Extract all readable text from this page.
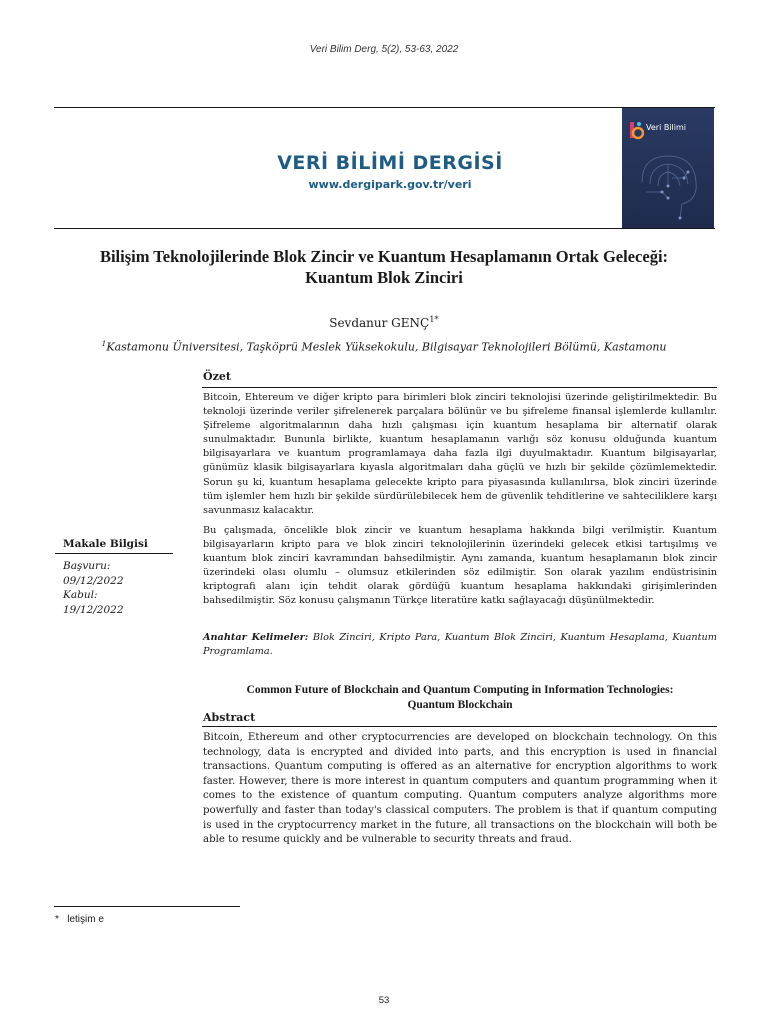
Veri Bilim Derg, 5(2), 53-63, 2022
VERİ BİLİMİ DERGİSİ
www.dergipark.gov.tr/veri
Veri Bilimi
Bilişim Teknolojilerinde Blok Zincir ve Kuantum Hesaplamanın Ortak Geleceği:
Kuantum Blok Zinciri
Sevdanur $GENÇ^{1*}$
$^1$Kastamonu Üniversitesi, Taşköprü Meslek Yüksekokulu, Bilgisayar Teknolojileri Bölümü, Kastamonu
Özet
Bitcoin, Ehtereum ve diğer kripto para birimleri blok zinciri teknolojisi üzerinde geliştirilmektedir. Bu teknoloji üzerinde veriler şifrelenerek parçalara bölünür ve bu şifreleme finansal işlemlerde kullanılır. Şifreleme algoritmalarının daha hızlı çalışması için kuantum hesaplama bir alternatif olarak sunulmaktadır. Bununla birlikte, kuantum hesaplamanın varlığı söz konusu olduğunda kuantum bilgisayarlara ve kuantum programlamaya daha fazla ilgi duyulmaktadır. Kuantum bilgisayarlar, günümüz klasik bilgisayarlara kıyasla algoritmaları daha güçlü ve hızlı bir şekilde çözümlemektedir. Sorun şu ki, kuantum hesaplama gelecekte kripto para piyasasında kullanılırsa, blok zinciri üzerinde tüm işlemler hem hızlı bir şekilde sürdürülebilecek hem de güvenlik tehditlerine ve sahteciliklere karşı savunmasız kalacaktır.
Bu çalışmada, öncelikle blok zincir ve kuantum hesaplama hakkında bilgi verilmiştir. Kuantum bilgisayarların kripto para ve blok zinciri teknolojilerinin üzerindeki gelecek etkisi tartışılmış ve kuantum blok zinciri kavramından bahsedilmiştir. Aynı zamanda, kuantum hesaplamanın blok zincir üzerindeki olası olumlu – olumsuz etkilerinden söz edilmiştir. Son olarak yazılım endüstrisinin kriptografi alanı için tehdit olarak gördüğü kuantum hesaplama hakkındaki girişimlerinden bahsedilmiştir. Söz konusu çalışmanın Türkçe literatüre katkı sağlayacağı düşünülmektedir.
Anahtar Kelimeler: Blok Zinciri, Kripto Para, Kuantum Blok Zinciri, Kuantum Hesaplama, Kuantum Programlama.
Makale Bilgisi
Başvuru:
09/12/2022
Kabul:
19/12/2022
Common Future of Blockchain and Quantum Computing in Information Technologies:
Quantum Blockchain
Abstract
Bitcoin, Ethereum and other cryptocurrencies are developed on blockchain technology. On this technology, data is encrypted and divided into parts, and this encryption is used in financial transactions. Quantum computing is offered as an alternative for encryption algorithms to work faster. However, there is more interest in quantum computers and quantum programming when it comes to the existence of quantum computing. Quantum computers analyze algorithms more powerfully and faster than today's classical computers. The problem is that if quantum computing is used in the cryptocurrency market in the future, all transactions on the blockchain will both be able to resume quickly and be vulnerable to security threats and fraud.
* letişim e
53
